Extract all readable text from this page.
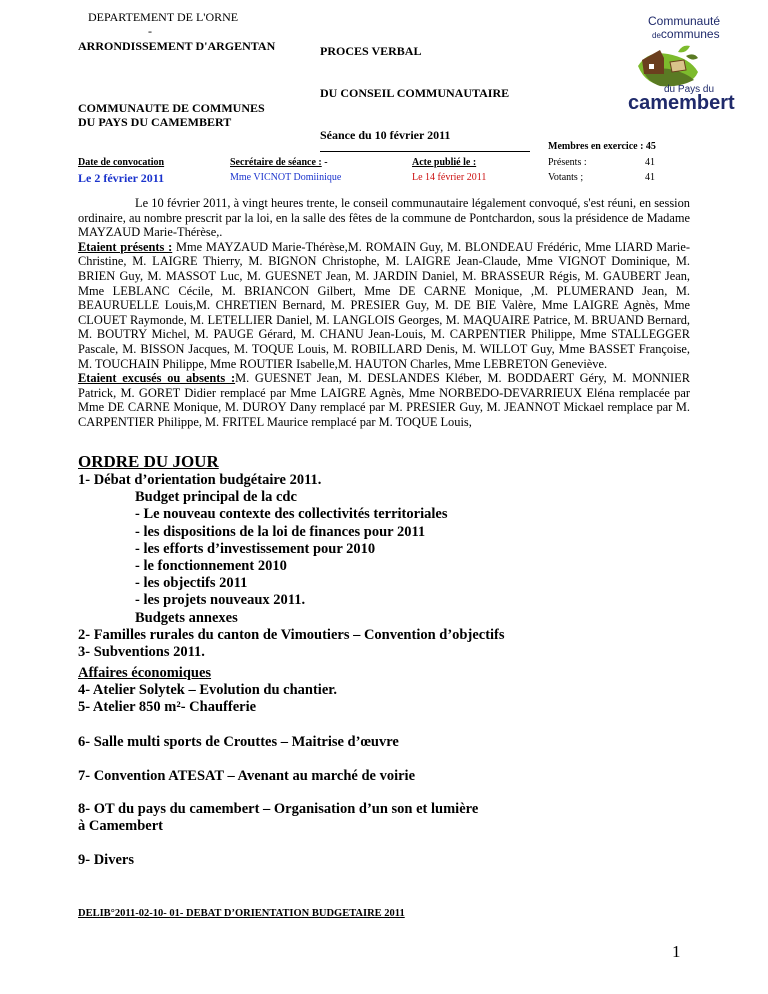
DEPARTEMENT DE L'ORNE
-
ARRONDISSEMENT D'ARGENTAN	PROCES VERBAL
DU CONSEIL COMMUNAUTAIRE
COMMUNAUTE DE COMMUNES
DU PAYS DU CAMEMBERT
Séance du 10 février 2011
Communauté
decommunes
du Pays du
camembert
Membres en exercice : 45
Date de convocation	Secrétaire de séance : -	Acte publié le :	Présents :	41
Le 2 février 2011	Mme VICNOT Domiinique	Le 14 février 2011	Votants ;	41

Le 10 février 2011, à vingt heures trente, le conseil communautaire légalement convoqué, s'est réuni, en session ordinaire, au nombre prescrit par la loi, en la salle des fêtes de la commune de Pontchardon, sous la présidence de Madame MAYZAUD Marie-Thérèse,.

Etaient présents : Mme MAYZAUD Marie-Thérèse,M. ROMAIN Guy, M. BLONDEAU Frédéric, Mme LIARD Marie-Christine, M. LAIGRE Thierry, M. BIGNON Christophe, M. LAIGRE Jean-Claude, Mme VIGNOT Dominique, M. BRIEN Guy, M. MASSOT Luc, M. GUESNET Jean, M. JARDIN Daniel, M. BRASSEUR Régis, M. GAUBERT Jean, Mme LEBLANC Cécile, M. BRIANCON Gilbert, Mme DE CARNE Monique, ,M. PLUMERAND Jean, M. BEAURUELLE Louis,M. CHRETIEN Bernard, M. PRESIER Guy, M. DE BIE Valère, Mme LAIGRE Agnès, Mme CLOUET Raymonde, M. LETELLIER Daniel, M. LANGLOIS Georges, M. MAQUAIRE Patrice, M. BRUAND Bernard, M. BOUTRY Michel, M. PAUGE Gérard, M. CHANU Jean-Louis, M. CARPENTIER Philippe, Mme STALLEGGER Pascale, M. BISSON Jacques, M. TOQUE Louis, M. ROBILLARD Denis, M. WILLOT Guy, Mme BASSET Françoise, M. TOUCHAIN Philippe, Mme ROUTIER Isabelle,M. HAUTON Charles, Mme LEBRETON Geneviève.

Etaient excusés ou absents :M. GUESNET Jean, M. DESLANDES Kléber, M. BODDAERT Géry, M. MONNIER Patrick, M. GORET Didier remplacé par Mme LAIGRE Agnès, Mme NORBEDO-DEVARRIEUX Eléna remplacée par Mme DE CARNE Monique, M. DUROY Dany remplacé par M. PRESIER Guy, M. JEANNOT Mickael remplace par M. CARPENTIER Philippe, M. FRITEL Maurice remplacé par M. TOQUE Louis,

ORDRE DU JOUR
1- Débat d’orientation budgétaire 2011.
Budget principal de la cdc
- Le nouveau contexte des collectivités territoriales
- les dispositions de la loi de finances pour 2011
- les efforts d’investissement pour 2010
- le fonctionnement 2010
- les objectifs 2011
- les projets nouveaux 2011.
Budgets annexes
2- Familles rurales du canton de Vimoutiers – Convention d’objectifs
3- Subventions 2011.
Affaires économiques
4- Atelier Solytek – Evolution du chantier.
5- Atelier 850 m²- Chaufferie
6- Salle multi sports de Crouttes – Maitrise d’œuvre
7- Convention ATESAT – Avenant au marché de voirie
8- OT du pays du camembert – Organisation d’un son et lumière
à Camembert
9- Divers
DELIB°2011-02-10- 01- DEBAT D’ORIENTATION BUDGETAIRE 2011
1
